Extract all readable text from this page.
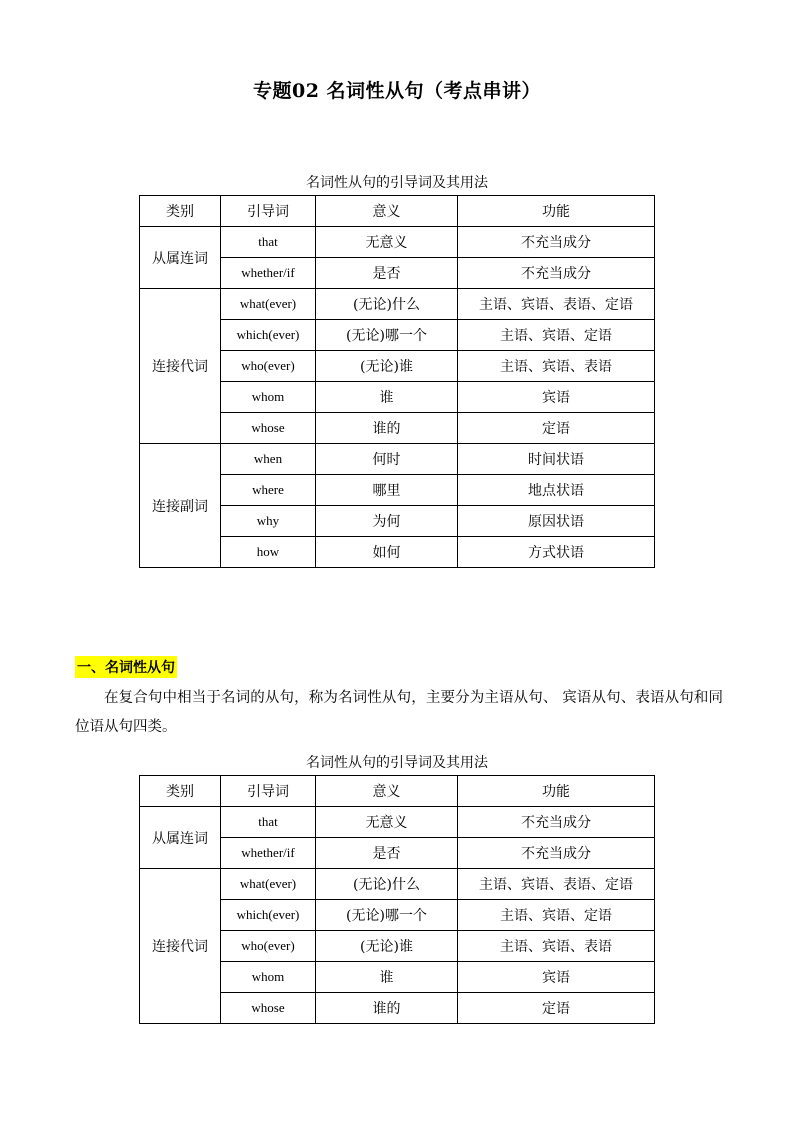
专题02 名词性从句（考点串讲）
名词性从句的引导词及其用法
类别	引导词	意义	功能
从属连词	that	无意义	不充当成分
	whether/if	是否	不充当成分
连接代词	what(ever)	(无论)什么	主语、宾语、表语、定语
	which(ever)	(无论)哪一个	主语、宾语、定语
	who(ever)	(无论)谁	主语、宾语、表语
	whom	谁	宾语
	whose	谁的	定语
连接副词	when	何时	时间状语
	where	哪里	地点状语
	why	为何	原因状语
	how	如何	方式状语
一、名词性从句
在复合句中相当于名词的从句，称为名词性从句，主要分为主语从句、 宾语从句、表语从句和同位语从句四类。
名词性从句的引导词及其用法
类别	引导词	意义	功能
从属连词	that	无意义	不充当成分
	whether/if	是否	不充当成分
连接代词	what(ever)	(无论)什么	主语、宾语、表语、定语
	which(ever)	(无论)哪一个	主语、宾语、定语
	who(ever)	(无论)谁	主语、宾语、表语
	whom	谁	宾语
	whose	谁的	定语
